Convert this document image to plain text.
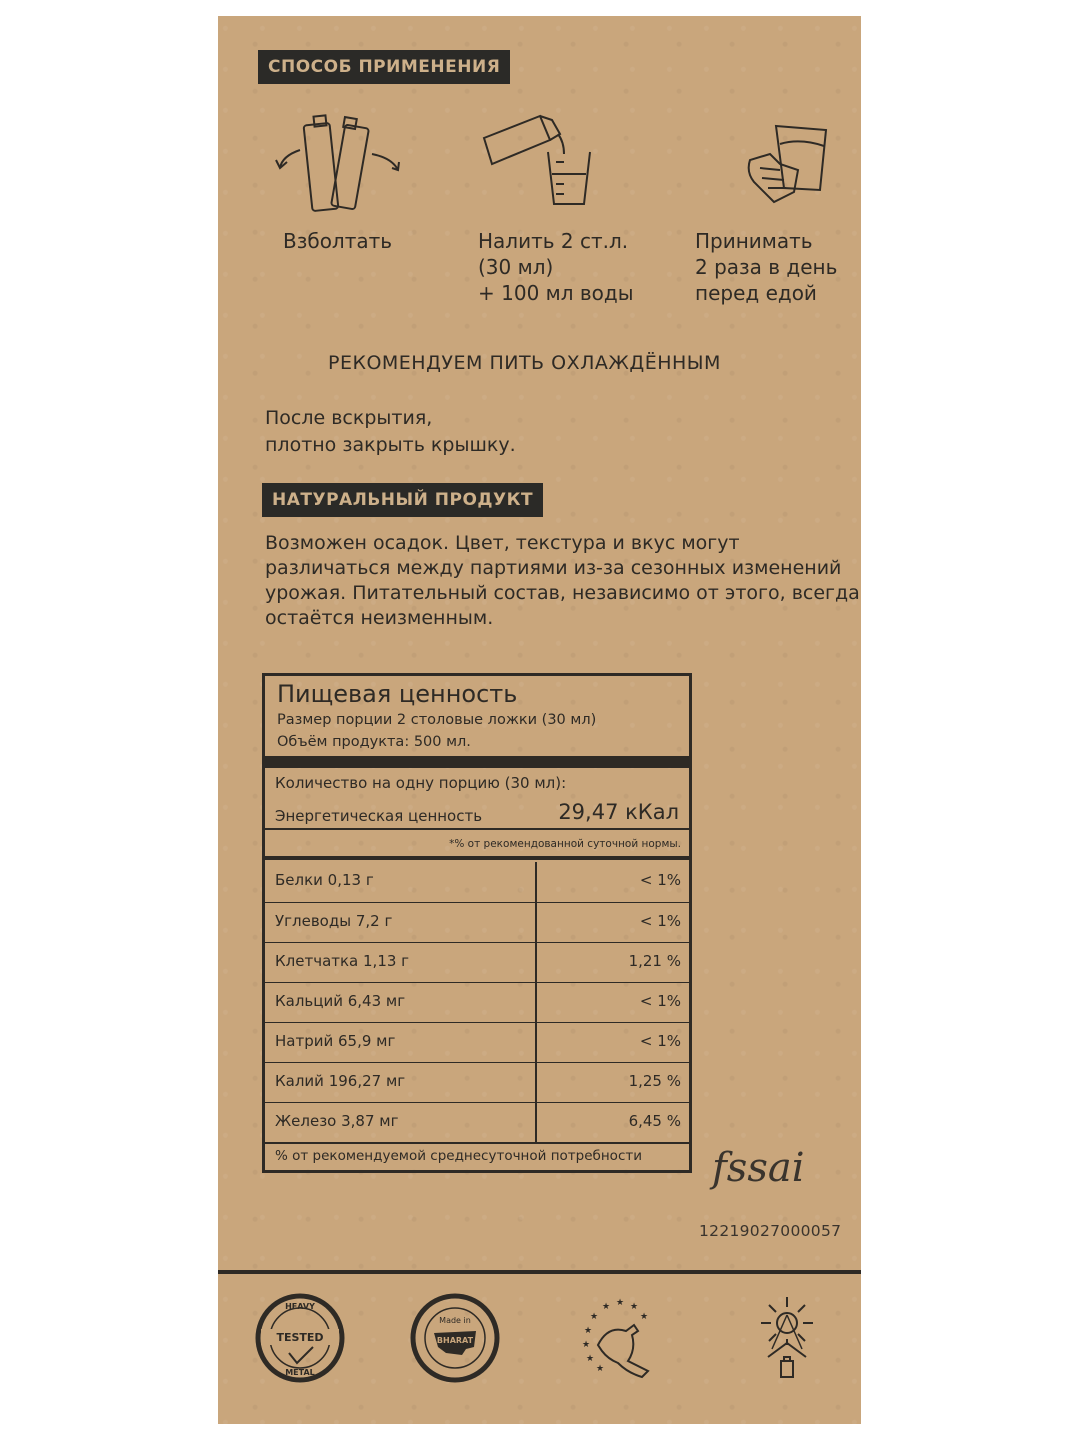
СПОСОБ ПРИМЕНЕНИЯ
Взболтать	Налить 2 ст.л.
(30 мл)
+ 100 мл воды
Принимать
2 раза в день
перед едой
РЕКОМЕНДУЕМ ПИТЬ ОХЛАЖДЁННЫМ
После вскрытия,
плотно закрыть крышку.
НАТУРАЛЬНЫЙ ПРОДУКТ
Возможен осадок. Цвет, текстура и вкус могут различаться между партиями из-за сезонных изменений урожая. Питательный состав, независимо от этого, всегда остаётся неизменным.
Пищевая ценность
Размер порции 2 столовые ложки (30 мл)
Объём продукта: 500 мл.
Количество на одну порцию (30 мл):
Энергетическая ценность	29,47 кКал
*% от рекомендованной суточной нормы.
Белки 0,13 г	< 1%
Углеводы 7,2 г	< 1%
Клетчатка 1,13 г	1,21 %
Кальций 6,43 мг	< 1%
Натрий 65,9 мг	< 1%
Калий 196,27 мг	1,25 %
Железо 3,87 мг	6,45 %
% от рекомендуемой среднесуточной потребности fssai
12219027000057
HEAVY
TESTED
METAL
Made in
BHARAT
★ ★
★
★
★
★
★
★
★
